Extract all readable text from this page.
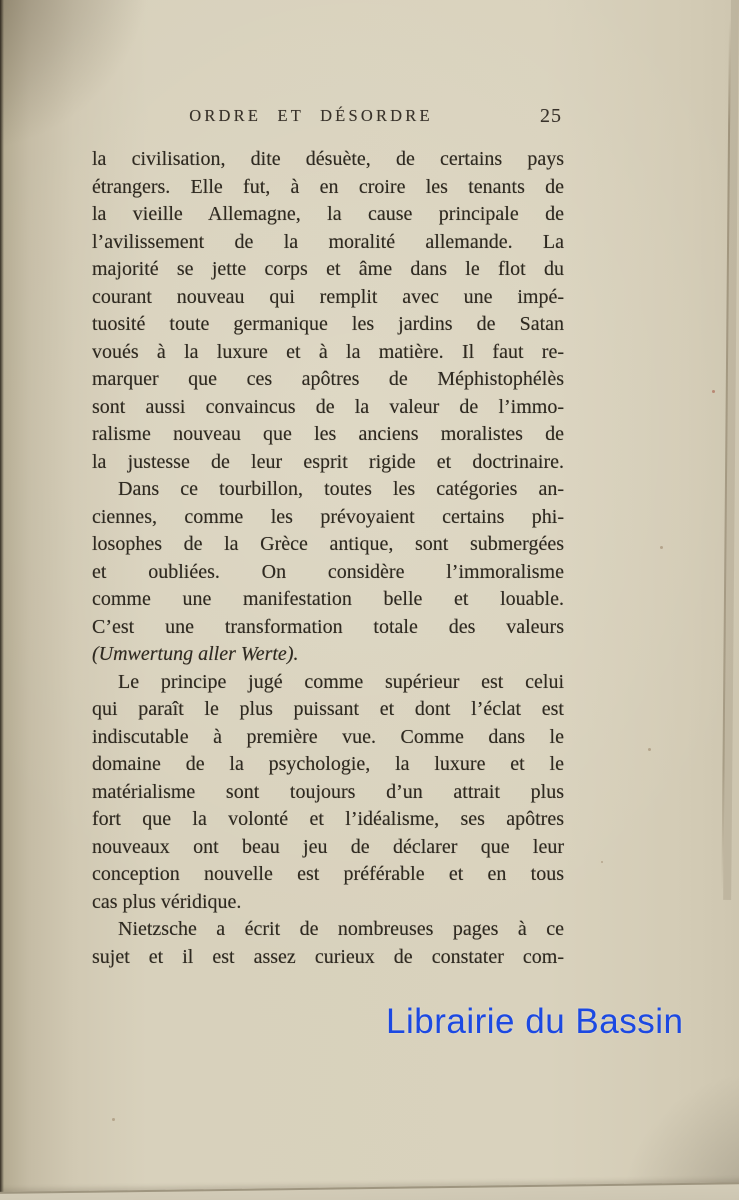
ORDRE ET DÉSORDRE	25
la civilisation, dite désuète, de certains pays
étrangers. Elle fut, à en croire les tenants de
la vieille Allemagne, la cause principale de
l’avilissement de la moralité allemande. La
majorité se jette corps et âme dans le flot du
courant nouveau qui remplit avec une impé-
tuosité toute germanique les jardins de Satan
voués à la luxure et à la matière. Il faut re-
marquer que ces apôtres de Méphistophélès
sont aussi convaincus de la valeur de l’immo-
ralisme nouveau que les anciens moralistes de
la justesse de leur esprit rigide et doctrinaire.
Dans ce tourbillon, toutes les catégories an-
ciennes, comme les prévoyaient certains phi-
losophes de la Grèce antique, sont submergées
et oubliées. On considère l’immoralisme
comme une manifestation belle et louable.
C’est une transformation totale des valeurs
(Umwertung aller Werte).
Le principe jugé comme supérieur est celui
qui paraît le plus puissant et dont l’éclat est
indiscutable à première vue. Comme dans le
domaine de la psychologie, la luxure et le
matérialisme sont toujours d’un attrait plus
fort que la volonté et l’idéalisme, ses apôtres
nouveaux ont beau jeu de déclarer que leur
conception nouvelle est préférable et en tous
cas plus véridique.
Nietzsche a écrit de nombreuses pages à ce
sujet et il est assez curieux de constater com-
Librairie du Bassin
